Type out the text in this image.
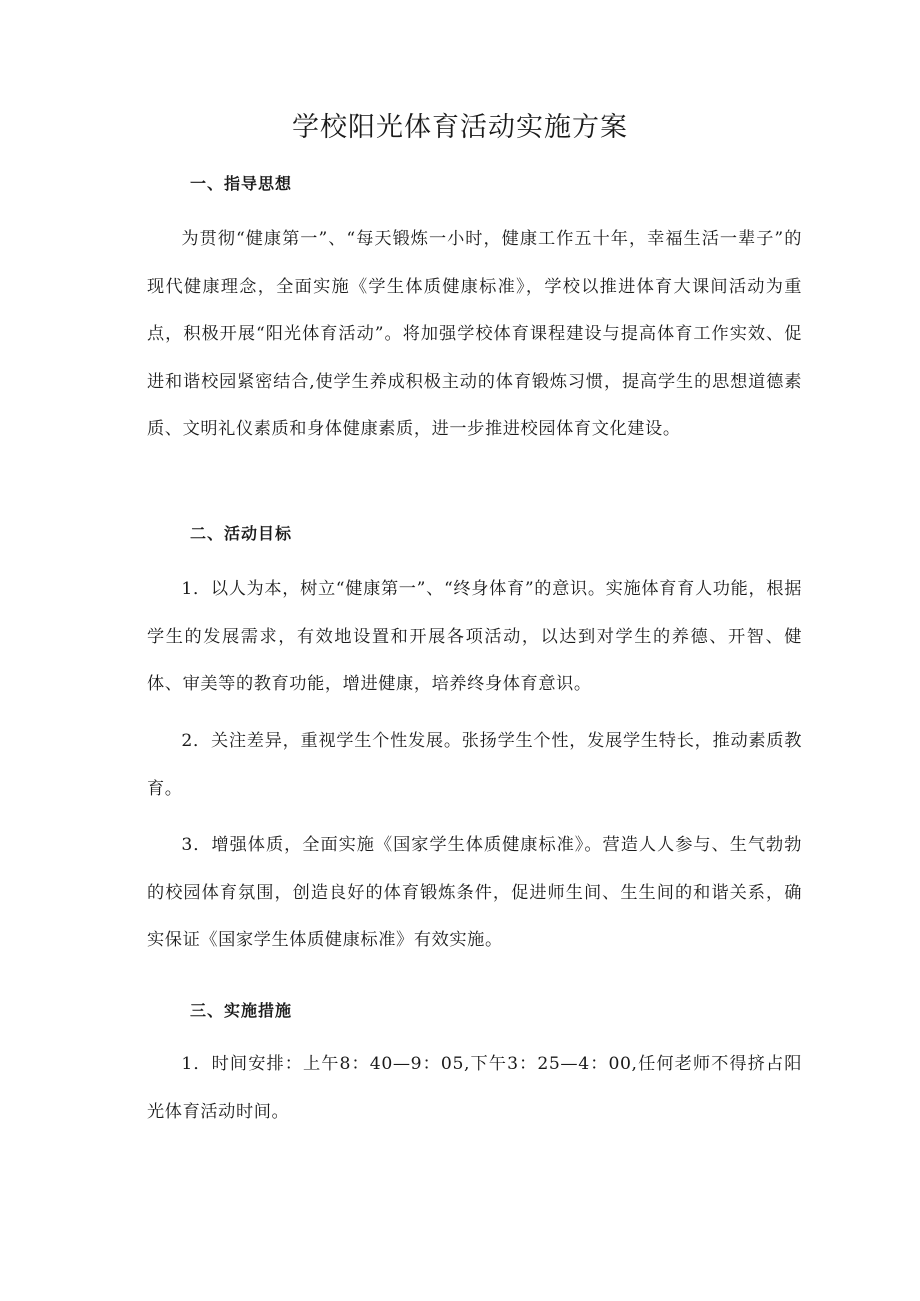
学校阳光体育活动实施方案
一、指导思想

为贯彻“健康第一”、“每天锻炼一小时，健康工作五十年，幸福生活一辈子”的现代健康理念，全面实施《学生体质健康标准》，学校以推进体育大课间活动为重点，积极开展“阳光体育活动”。将加强学校体育课程建设与提高体育工作实效、促进和谐校园紧密结合,使学生养成积极主动的体育锻炼习惯，提高学生的思想道德素质、文明礼仪素质和身体健康素质，进一步推进校园体育文化建设。

二、活动目标

1．以人为本，树立“健康第一”、“终身体育”的意识。实施体育育人功能，根据学生的发展需求，有效地设置和开展各项活动，以达到对学生的养德、开智、健体、审美等的教育功能，增进健康，培养终身体育意识。

2．关注差异，重视学生个性发展。张扬学生个性，发展学生特长，推动素质教育。

3．增强体质，全面实施《国家学生体质健康标准》。营造人人参与、生气勃勃的校园体育氛围，创造良好的体育锻炼条件，促进师生间、生生间的和谐关系，确实保证《国家学生体质健康标准》有效实施。

三、实施措施

1．时间安排：上午8：40—9：05,下午3：25—4：00,任何老师不得挤占阳光体育活动时间。
